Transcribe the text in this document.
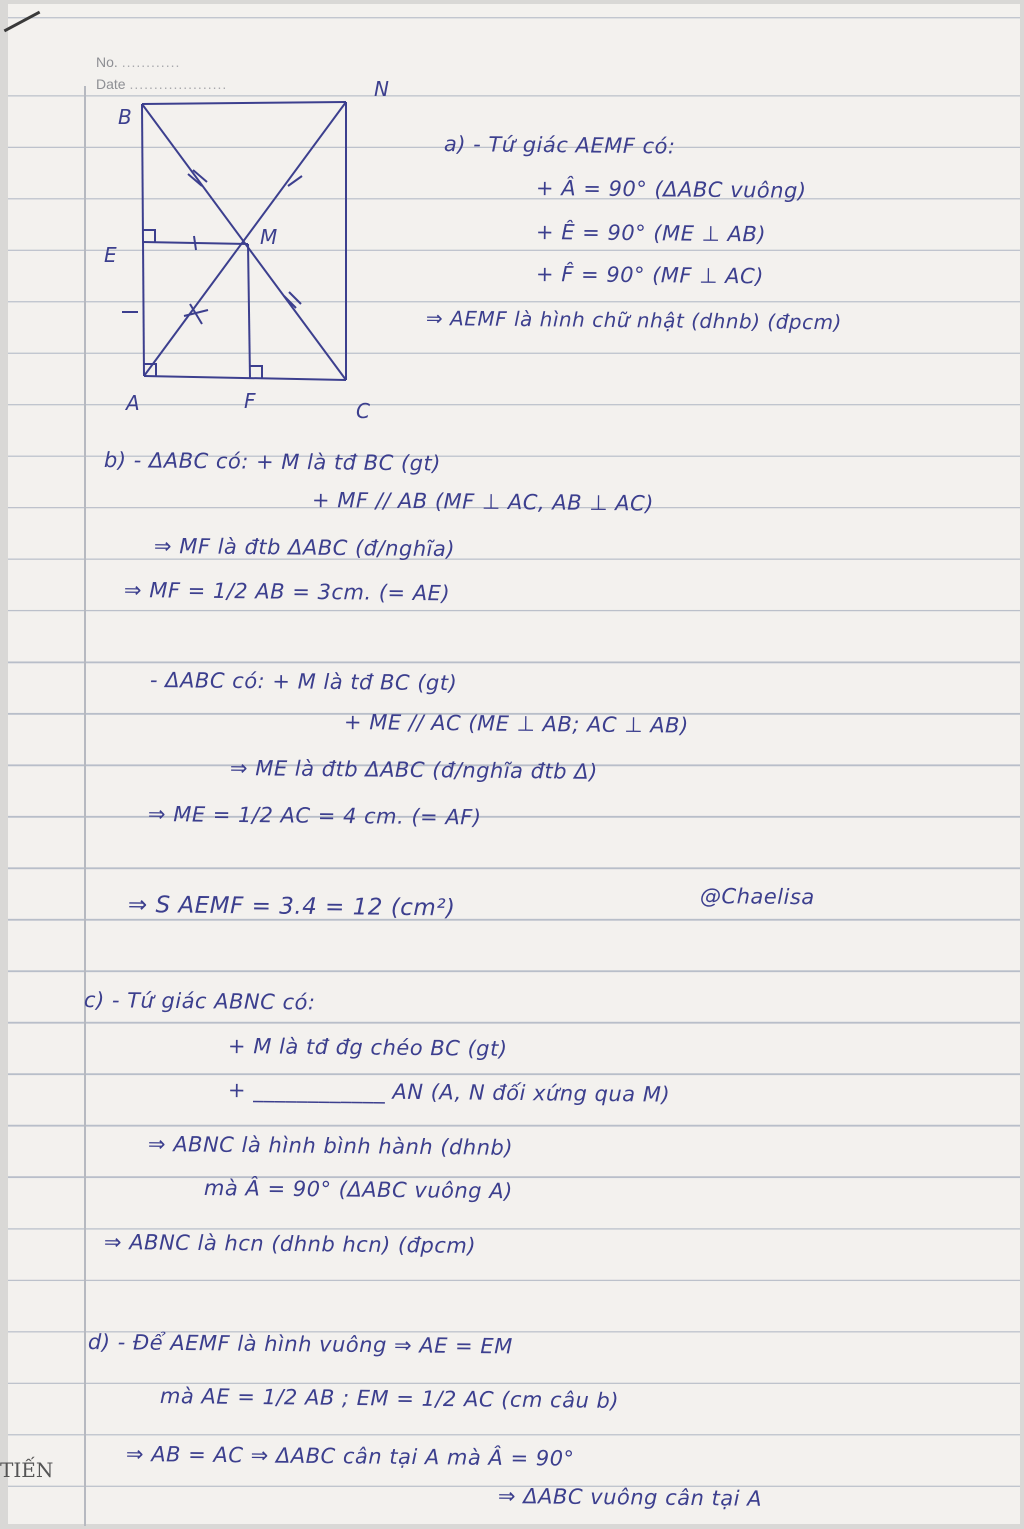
No. ............
Date ....................
B
N
E
M
A	F	C
a) - Tứ giác AEMF có:
+ Â = 90° (ΔABC vuông)
+ Ê = 90° (ME ⊥ AB)
+ F̂ = 90° (MF ⊥ AC)
⇒ AEMF là hình chữ nhật (dhnb) (đpcm)
b) - ΔABC có: + M là tđ BC (gt)
+ MF // AB (MF ⊥ AC, AB ⊥ AC)
⇒ MF là đtb ΔABC (đ/nghĩa)
⇒ MF = 1/2 AB = 3cm. (= AE)
- ΔABC có: + M là tđ BC (gt)
+ ME // AC (ME ⊥ AB; AC ⊥ AB)
⇒ ME là đtb ΔABC (đ/nghĩa đtb Δ)
⇒ ME = 1/2 AC = 4 cm. (= AF)
⇒ S AEMF = 3.4 = 12 (cm²)	@Chaelisa
c) - Tứ giác ABNC có:
+ M là tđ đg chéo BC (gt)
+ ____________ AN (A, N đối xứng qua M)
⇒ ABNC là hình bình hành (dhnb)
mà Â = 90° (ΔABC vuông A)
⇒ ABNC là hcn (dhnb hcn) (đpcm)
d) - Để AEMF là hình vuông ⇒ AE = EM
mà AE = 1/2 AB ; EM = 1/2 AC (cm câu b)
⇒ AB = AC ⇒ ΔABC cân tại A mà Â = 90°
⇒ ΔABC vuông cân tại A
TIẾN
